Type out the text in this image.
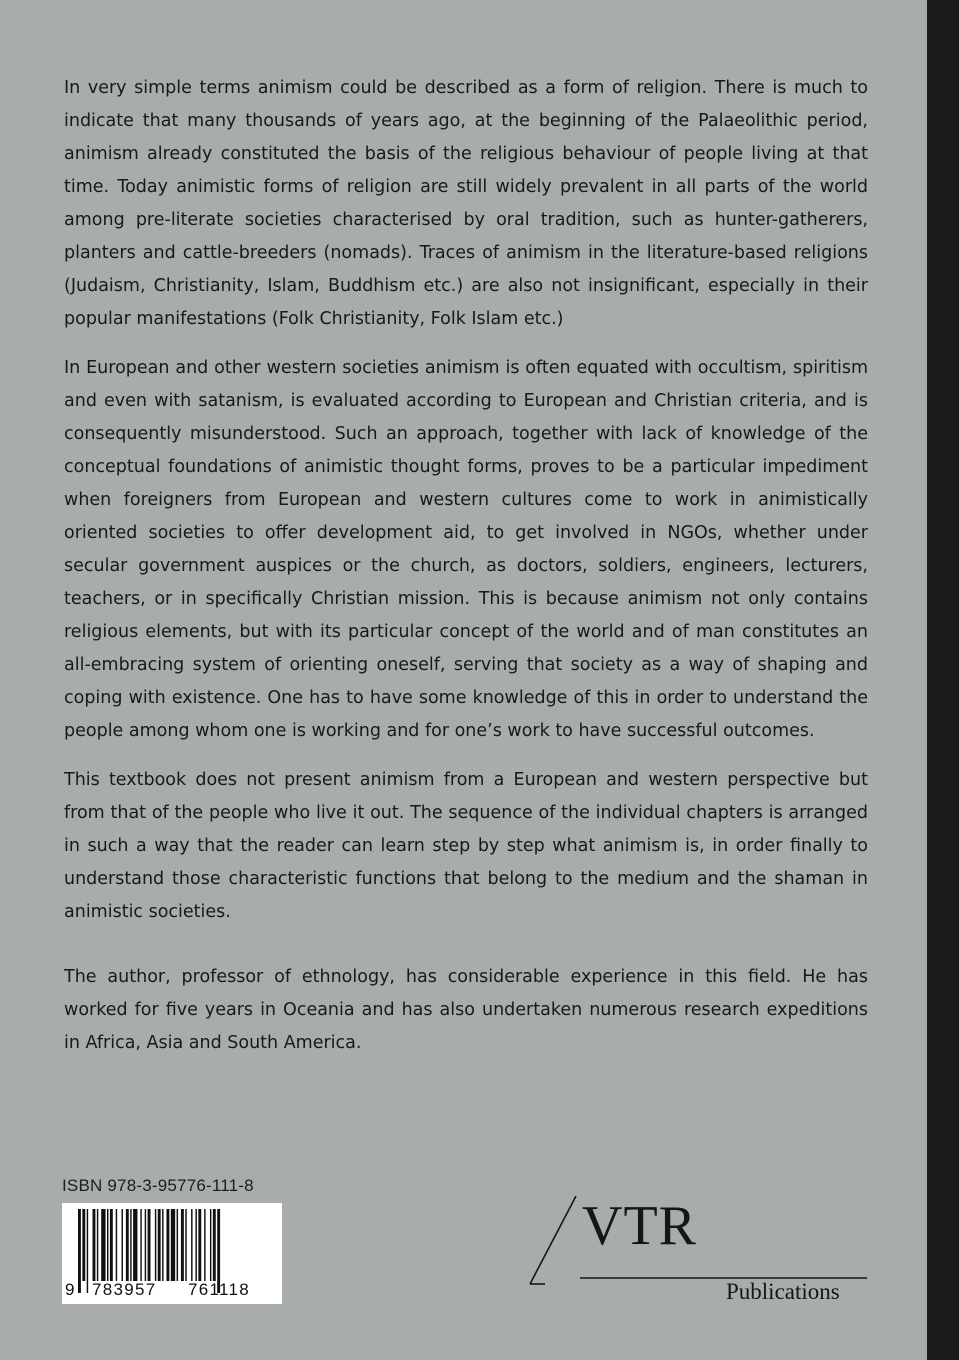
In very simple terms animism could be described as a form of religion. There is much to indicate that many thousands of years ago, at the beginning of the Palaeolithic period, animism already constituted the basis of the religious behaviour of people living at that time. Today animistic forms of religion are still widely prevalent in all parts of the world among pre-literate societies characterised by oral tradition, such as hunter-gatherers, planters and cattle-breeders (nomads). Traces of animism in the literature-based religions (Judaism, Christianity, Islam, Buddhism etc.) are also not insignificant, especially in their popular manifestations (Folk Christianity, Folk Islam etc.)

In European and other western societies animism is often equated with occultism, spiritism and even with satanism, is evaluated according to European and Christian criteria, and is consequently misunderstood. Such an approach, together with lack of knowledge of the conceptual foundations of animistic thought forms, proves to be a particular impediment when foreigners from European and western cultures come to work in animistically oriented societies to offer development aid, to get involved in NGOs, whether under secular government auspices or the church, as doctors, soldiers, engineers, lecturers, teachers, or in specifically Christian mission. This is because animism not only contains religious elements, but with its particular concept of the world and of man constitutes an all-embracing system of orienting oneself, serving that society as a way of shaping and coping with existence. One has to have some knowledge of this in order to understand the people among whom one is working and for one’s work to have successful outcomes.

This textbook does not present animism from a European and western perspective but from that of the people who live it out. The sequence of the individual chapters is arranged in such a way that the reader can learn step by step what animism is, in order finally to understand those characteristic functions that belong to the medium and the shaman in animistic societies.

The author, professor of ethnology, has considerable experience in this field. He has worked for five years in Oceania and has also undertaken numerous research expeditions in Africa, Asia and South America.

ISBN 978-3-95776-111-8
9 783957 761118
VTR
Publications
